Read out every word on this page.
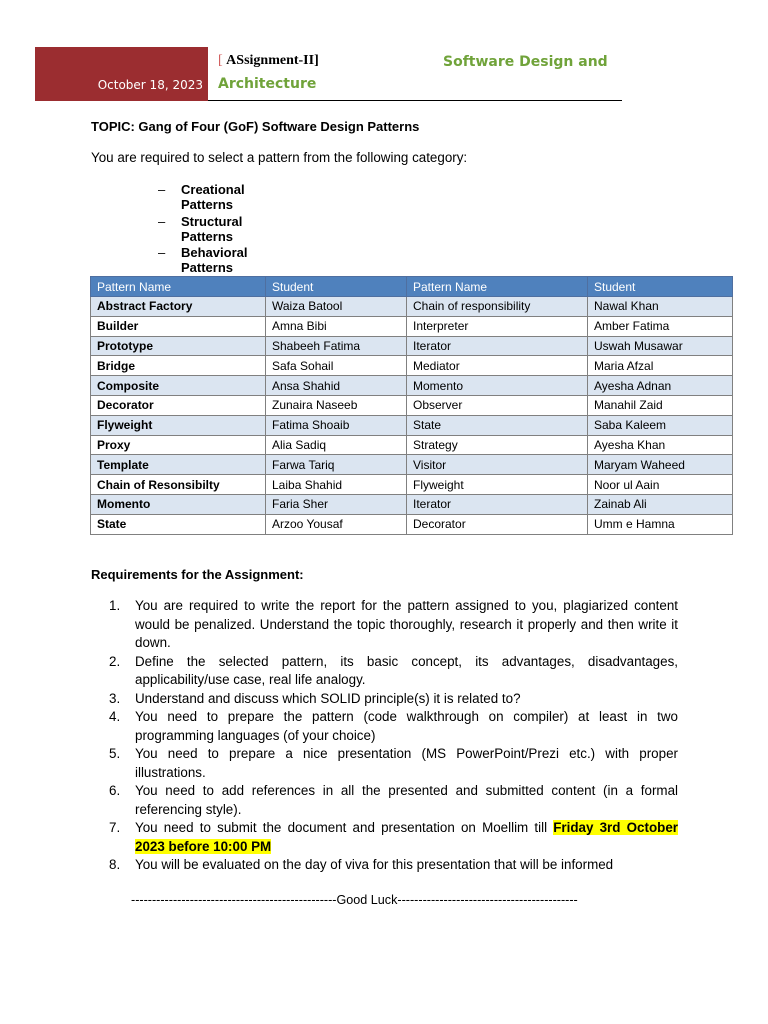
October 18, 2023
[ ASsignment-II]	Software Design and
Architecture
TOPIC: Gang of Four (GoF) Software Design Patterns
You are required to select a pattern from the following category:
– Creational Patterns
– Structural Patterns
– Behavioral Patterns
Pattern Name	Student	Pattern Name	Student
Abstract Factory	Waiza Batool	Chain of responsibility	Nawal Khan
Builder	Amna Bibi	Interpreter	Amber Fatima
Prototype	Shabeeh Fatima	Iterator	Uswah Musawar
Bridge	Safa Sohail	Mediator	Maria Afzal
Composite	Ansa Shahid	Momento	Ayesha Adnan
Decorator	Zunaira Naseeb	Observer	Manahil Zaid
Flyweight	Fatima Shoaib	State	Saba Kaleem
Proxy	Alia Sadiq	Strategy	Ayesha Khan
Template	Farwa Tariq	Visitor	Maryam Waheed
Chain of Resonsibilty	Laiba Shahid	Flyweight	Noor ul Aain
Momento	Faria Sher	Iterator	Zainab Ali
State	Arzoo Yousaf	Decorator	Umm e Hamna
Requirements for the Assignment:
1. You are required to write the report for the pattern assigned to you, plagiarized content would be penalized. Understand the topic thoroughly, research it properly and then write it down.
2. Define the selected pattern, its basic concept, its advantages, disadvantages, applicability/use case, real life analogy.
3. Understand and discuss which SOLID principle(s) it is related to?
4. You need to prepare the pattern (code walkthrough on compiler) at least in two programming languages (of your choice)
5. You need to prepare a nice presentation (MS PowerPoint/Prezi etc.) with proper illustrations.
6. You need to add references in all the presented and submitted content (in a formal referencing style).
7. You need to submit the document and presentation on Moellim till Friday 3rd October 2023 before 10:00 PM
8. You will be evaluated on the day of viva for this presentation that will be informed
-------------------------------------------------Good Luck-------------------------------------------
